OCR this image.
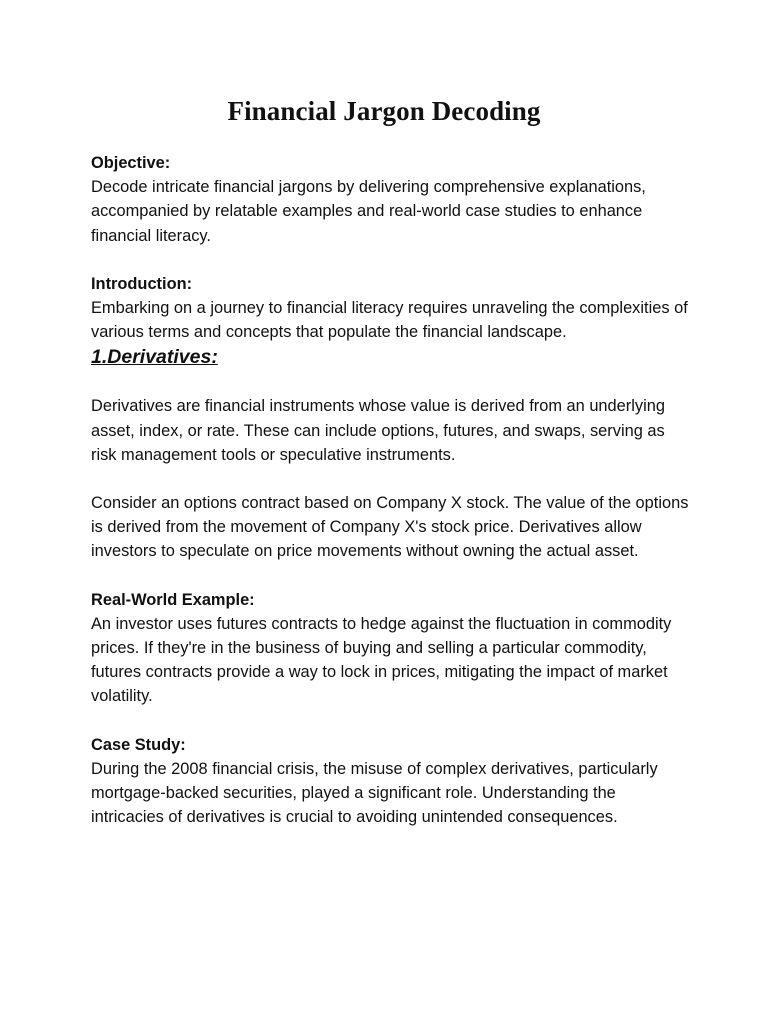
Financial Jargon Decoding
Objective:
Decode intricate financial jargons by delivering comprehensive explanations, accompanied by relatable examples and real-world case studies to enhance financial literacy.
Introduction:
Embarking on a journey to financial literacy requires unraveling the complexities of various terms and concepts that populate the financial landscape.
1.Derivatives:

Derivatives are financial instruments whose value is derived from an underlying asset, index, or rate. These can include options, futures, and swaps, serving as risk management tools or speculative instruments.

Consider an options contract based on Company X stock. The value of the options is derived from the movement of Company X's stock price. Derivatives allow investors to speculate on price movements without owning the actual asset.

Real-World Example:
An investor uses futures contracts to hedge against the fluctuation in commodity prices. If they're in the business of buying and selling a particular commodity, futures contracts provide a way to lock in prices, mitigating the impact of market volatility.
Case Study:
During the 2008 financial crisis, the misuse of complex derivatives, particularly mortgage-backed securities, played a significant role. Understanding the intricacies of derivatives is crucial to avoiding unintended consequences.
